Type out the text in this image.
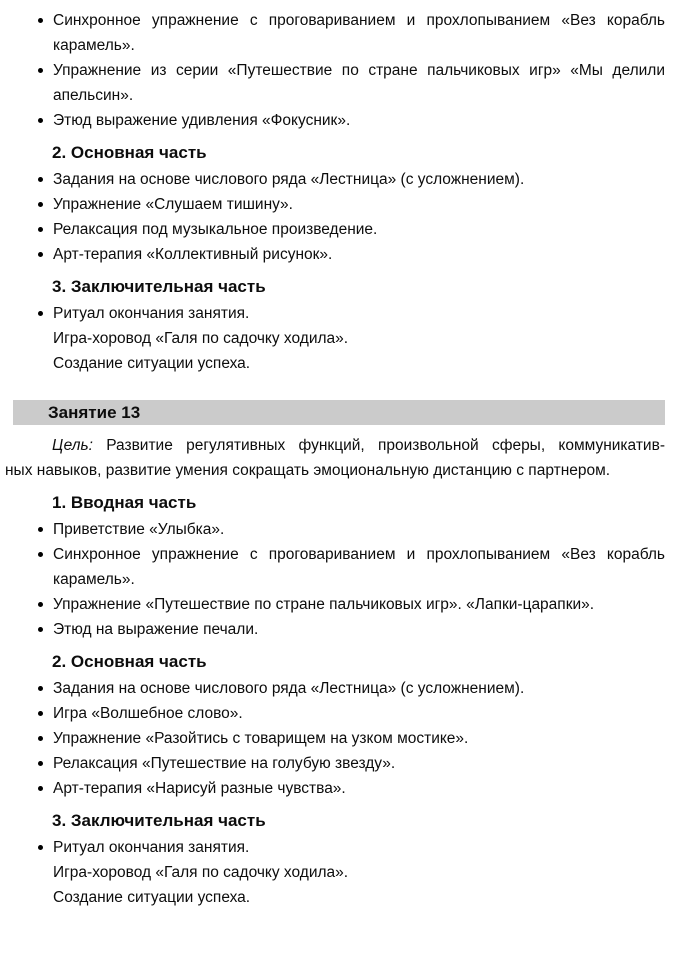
Синхронное упражнение с проговариванием и прохлопыванием «Вез корабль
карамель».
Упражнение из серии «Путешествие по стране пальчиковых игр» «Мы делили
апельсин».
Этюд выражение удивления «Фокусник».
2. Основная часть
Задания на основе числового ряда «Лестница» (с усложнением).
Упражнение «Слушаем тишину».
Релаксация под музыкальное произведение.
Арт-терапия «Коллективный рисунок».
3. Заключительная часть
Ритуал окончания занятия.
Игра-хоровод «Галя по садочку ходила».
Создание ситуации успеха.
Занятие 13
Цель: Развитие регулятивных функций, произвольной сферы, коммуникатив-
ных навыков, развитие умения сокращать эмоциональную дистанцию с партнером.
1. Вводная часть
Приветствие «Улыбка».
Синхронное упражнение с проговариванием и прохлопыванием «Вез корабль
карамель».
Упражнение «Путешествие по стране пальчиковых игр». «Лапки-царапки».
Этюд на выражение печали.
2. Основная часть
Задания на основе числового ряда «Лестница» (с усложнением).
Игра «Волшебное слово».
Упражнение «Разойтись с товарищем на узком мостике».
Релаксация «Путешествие на голубую звезду».
Арт-терапия «Нарисуй разные чувства».
3. Заключительная часть
Ритуал окончания занятия.
Игра-хоровод «Галя по садочку ходила».
Создание ситуации успеха.
